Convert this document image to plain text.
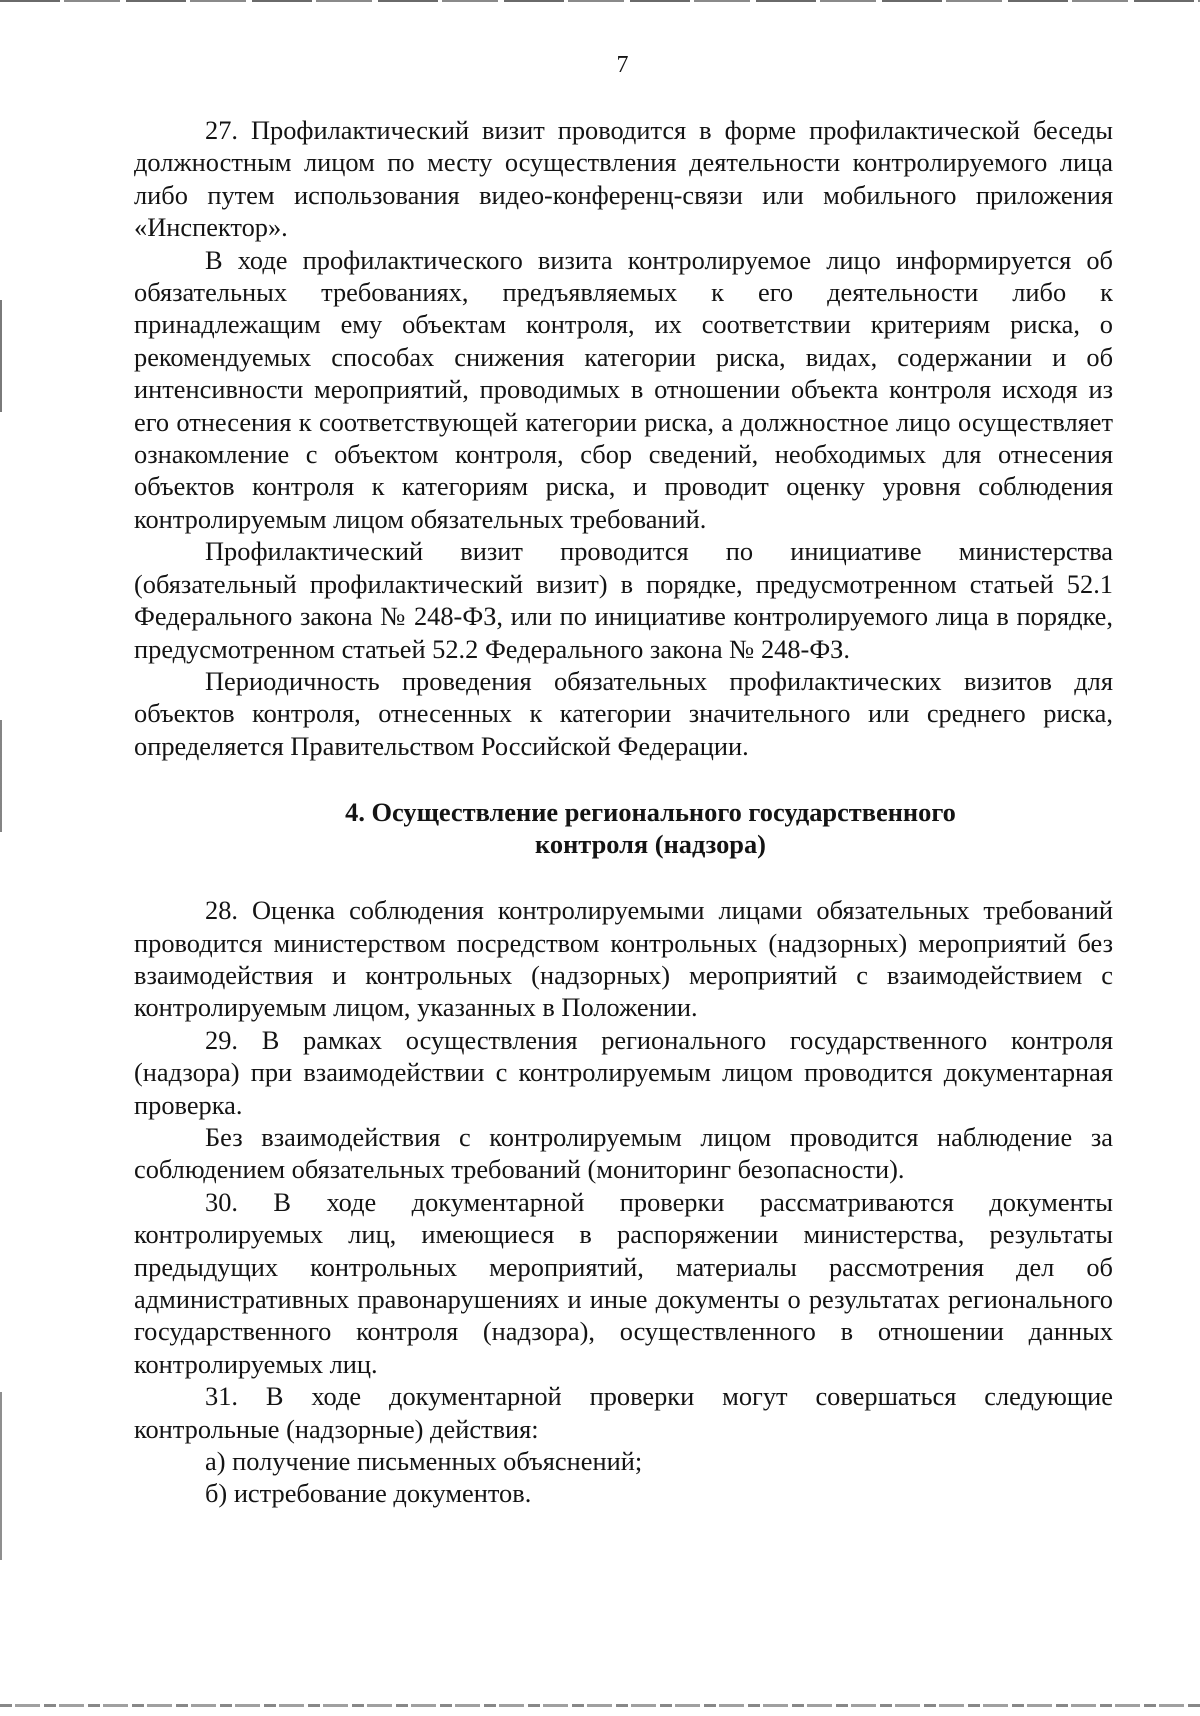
7

27. Профилактический визит проводится в форме профилактической беседы должностным лицом по месту осуществления деятельности контролируемого лица либо путем использования видео-конференц-связи или мобильного приложения «Инспектор».

В ходе профилактического визита контролируемое лицо информируется об обязательных требованиях, предъявляемых к его деятельности либо к принадлежащим ему объектам контроля, их соответствии критериям риска, о рекомендуемых способах снижения категории риска, видах, содержании и об интенсивности мероприятий, проводимых в отношении объекта контроля исходя из его отнесения к соответствующей категории риска, а должностное лицо осуществляет ознакомление с объектом контроля, сбор сведений, необходимых для отнесения объектов контроля к категориям риска, и проводит оценку уровня соблюдения контролируемым лицом обязательных требований.

Профилактический визит проводится по инициативе министерства (обязательный профилактический визит) в порядке, предусмотренном статьей 52.1 Федерального закона № 248-ФЗ, или по инициативе контролируемого лица в порядке, предусмотренном статьей 52.2 Федерального закона № 248-ФЗ.

Периодичность проведения обязательных профилактических визитов для объектов контроля, отнесенных к категории значительного или среднего риска, определяется Правительством Российской Федерации.

4. Осуществление регионального государственного
контроля (надзора)

28. Оценка соблюдения контролируемыми лицами обязательных требований проводится министерством посредством контрольных (надзорных) мероприятий без взаимодействия и контрольных (надзорных) мероприятий с взаимодействием с контролируемым лицом, указанных в Положении.

29. В рамках осуществления регионального государственного контроля (надзора) при взаимодействии с контролируемым лицом проводится документарная проверка.

Без взаимодействия с контролируемым лицом проводится наблюдение за соблюдением обязательных требований (мониторинг безопасности).

30. В ходе документарной проверки рассматриваются документы контролируемых лиц, имеющиеся в распоряжении министерства, результаты предыдущих контрольных мероприятий, материалы рассмотрения дел об административных правонарушениях и иные документы о результатах регионального государственного контроля (надзора), осуществленного в отношении данных контролируемых лиц.

31. В ходе документарной проверки могут совершаться следующие контрольные (надзорные) действия:

а) получение письменных объяснений;

б) истребование документов.
